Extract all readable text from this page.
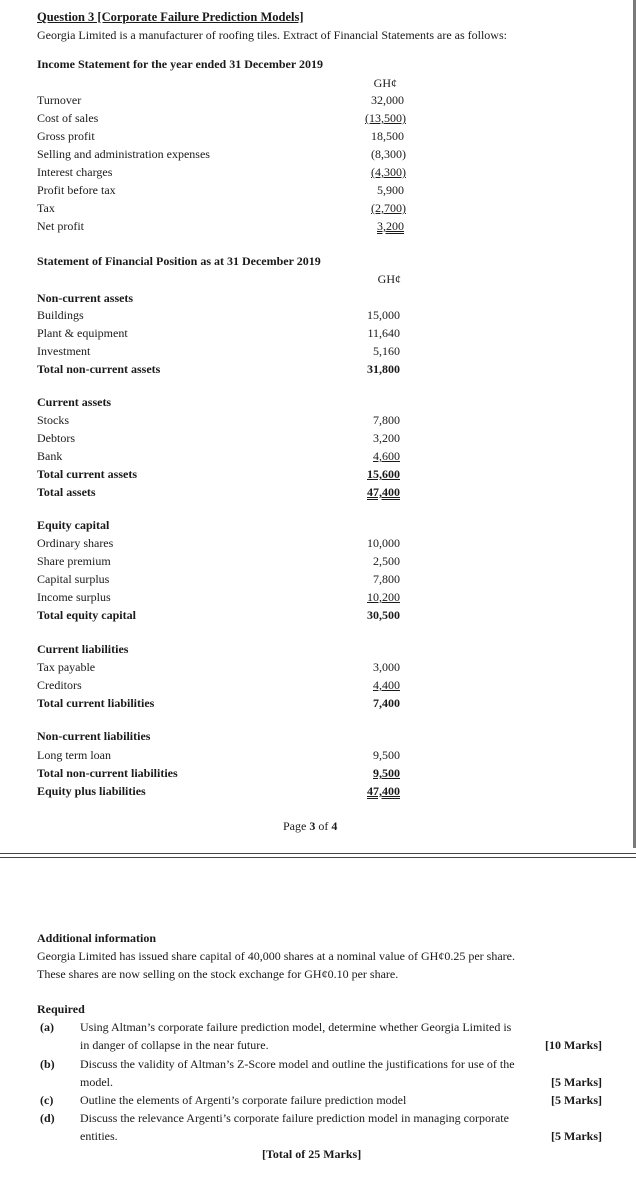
Question 3 [Corporate Failure Prediction Models]
Georgia Limited is a manufacturer of roofing tiles. Extract of Financial Statements are as follows:
Income Statement for the year ended 31 December 2019
GH¢
Turnover	32,000
Cost of sales	(13,500)
Gross profit	18,500
Selling and administration expenses	(8,300)
Interest charges	(4,300)
Profit before tax	5,900
Tax	(2,700)
Net profit	3,200
Statement of Financial Position as at 31 December 2019
GH¢
Non-current assets
Buildings	15,000
Plant & equipment	11,640
Investment	5,160
Total non-current assets	31,800
Current assets
Stocks	7,800
Debtors	3,200
Bank	4,600
Total current assets	15,600
Total assets	47,400
Equity capital
Ordinary shares	10,000
Share premium	2,500
Capital surplus	7,800
Income surplus	10,200
Total equity capital	30,500
Current liabilities
Tax payable	3,000
Creditors	4,400
Total current liabilities	7,400
Non-current liabilities
Long term loan	9,500
Total non-current liabilities	9,500
Equity plus liabilities	47,400
Page 3 of 4
Additional information
Georgia Limited has issued share capital of 40,000 shares at a nominal value of GH¢0.25 per share.
These shares are now selling on the stock exchange for GH¢0.10 per share.
Required
(a) Using Altman’s corporate failure prediction model, determine whether Georgia Limited is
in danger of collapse in the near future.	[10 Marks]
(b) Discuss the validity of Altman’s Z-Score model and outline the justifications for use of the
model.	[5 Marks]
(c) Outline the elements of Argenti’s corporate failure prediction model	[5 Marks]
(d) Discuss the relevance Argenti’s corporate failure prediction model in managing corporate
entities.	[5 Marks]
[Total of 25 Marks]
